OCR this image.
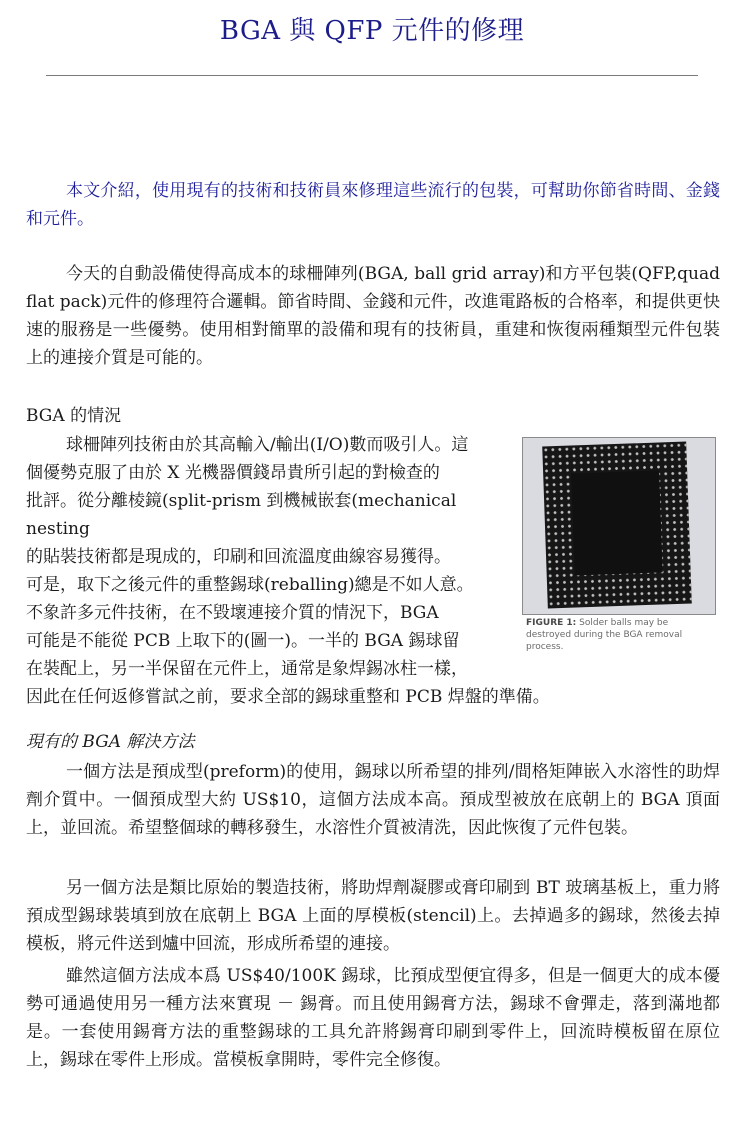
BGA 與 QFP 元件的修理

本文介紹，使用現有的技術和技術員來修理這些流行的包裝，可幫助你節省時間、金錢和元件。

今天的自動設備使得高成本的球柵陣列(BGA, ball grid array)和方平包裝(QFP,quad flat pack)元件的修理符合邏輯。節省時間、金錢和元件，改進電路板的合格率，和提供更快速的服務是一些優勢。使用相對簡單的設備和現有的技術員，重建和恢復兩種類型元件包裝上的連接介質是可能的。

BGA 的情況

球柵陣列技術由於其高輸入/輸出(I/O)數而吸引人。這

個優勢克服了由於 X 光機器價錢昂貴所引起的對檢查的

批評。從分離棱鏡(split-prism 到機械嵌套(mechanical nesting

的貼裝技術都是現成的，印刷和回流溫度曲線容易獲得。

可是，取下之後元件的重整錫球(reballing)總是不如人意。

不象許多元件技術，在不毀壞連接介質的情況下，BGA

可能是不能從 PCB 上取下的(圖一)。一半的 BGA 錫球留

在裝配上，另一半保留在元件上，通常是象焊錫冰柱一樣，

因此在任何返修嘗試之前，要求全部的錫球重整和 PCB 焊盤的準備。

FIGURE 1: Solder balls may be destroyed during the BGA removal process.

現有的 BGA 解決方法

一個方法是預成型(preform)的使用，錫球以所希望的排列/間格矩陣嵌入水溶性的助焊劑介質中。一個預成型大約 US$10，這個方法成本高。預成型被放在底朝上的 BGA 頂面上，並回流。希望整個球的轉移發生，水溶性介質被清洗，因此恢復了元件包裝。

另一個方法是類比原始的製造技術，將助焊劑凝膠或膏印刷到 BT 玻璃基板上，重力將預成型錫球裝填到放在底朝上 BGA 上面的厚模板(stencil)上。去掉過多的錫球，然後去掉模板，將元件送到爐中回流，形成所希望的連接。

雖然這個方法成本爲 US$40/100K 錫球，比預成型便宜得多，但是一個更大的成本優勢可通過使用另一種方法來實現 － 錫膏。而且使用錫膏方法，錫球不會彈走，落到滿地都是。一套使用錫膏方法的重整錫球的工具允許將錫膏印刷到零件上，回流時模板留在原位上，錫球在零件上形成。當模板拿開時，零件完全修復。
